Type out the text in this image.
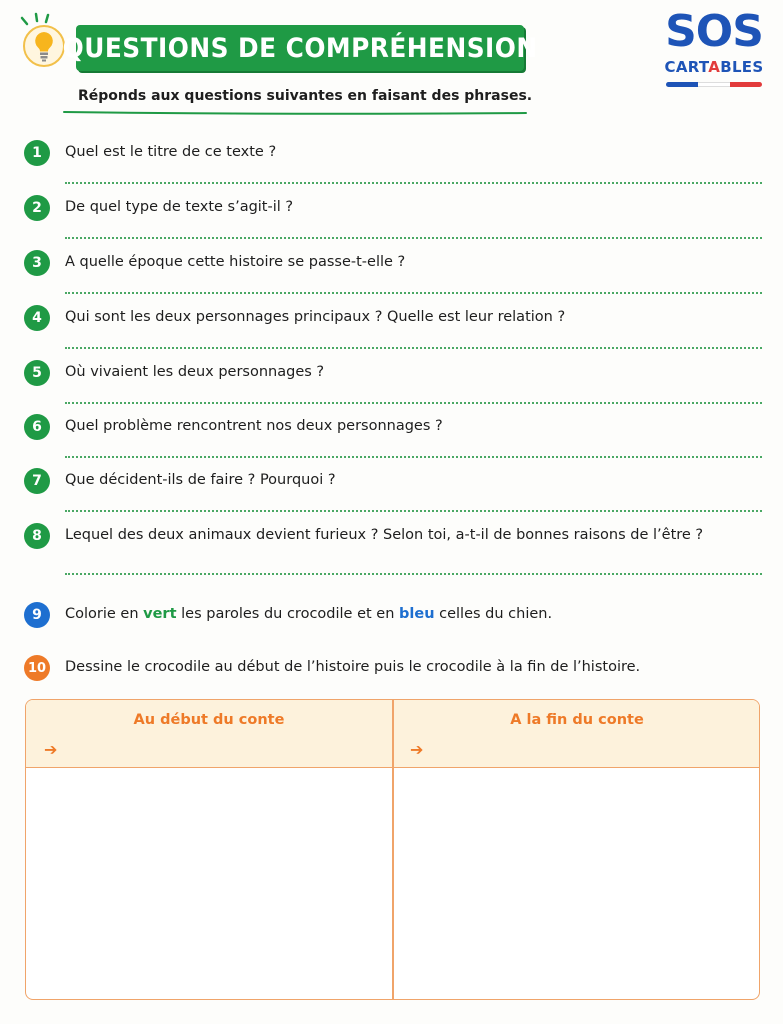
QUESTIONS DE COMPRÉHENSION
Réponds aux questions suivantes en faisant des phrases.
SOS
CARTABLES
1	Quel est le titre de ce texte ?
2	De quel type de texte s’agit-il ?
3	A quelle époque cette histoire se passe-t-elle ?
4	Qui sont les deux personnages principaux ? Quelle est leur relation ?
5	Où vivaient les deux personnages ?
6	Quel problème rencontrent nos deux personnages ?
7	Que décident-ils de faire ? Pourquoi ?
8	Lequel des deux animaux devient furieux ? Selon toi, a-t-il de bonnes raisons de l’être ?
9	Colorie en vert les paroles du crocodile et en bleu celles du chien.
10 Dessine le crocodile au début de l’histoire puis le crocodile à la fin de l’histoire.
Au début du conte	A la fin du conte
➔	➔
